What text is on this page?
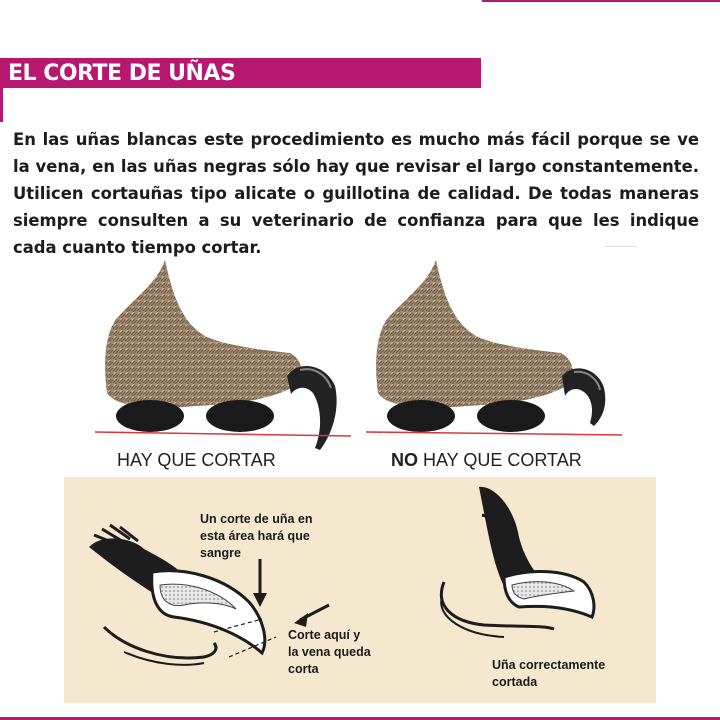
EL CORTE DE UÑAS

En las uñas blancas este procedimiento es mucho más fácil porque se ve la vena, en las uñas negras sólo hay que revisar el largo constantemente. Utilicen cortauñas tipo alicate o guillotina de calidad. De todas maneras siempre consulten a su veterinario de confianza para que les indique cada cuanto tiempo cortar.

HAY QUE CORTAR	NO HAY QUE CORTAR
Un corte de uña en
esta área hará que
sangre
Corte aquí y
la vena queda
corta	Uña correctamente
cortada
